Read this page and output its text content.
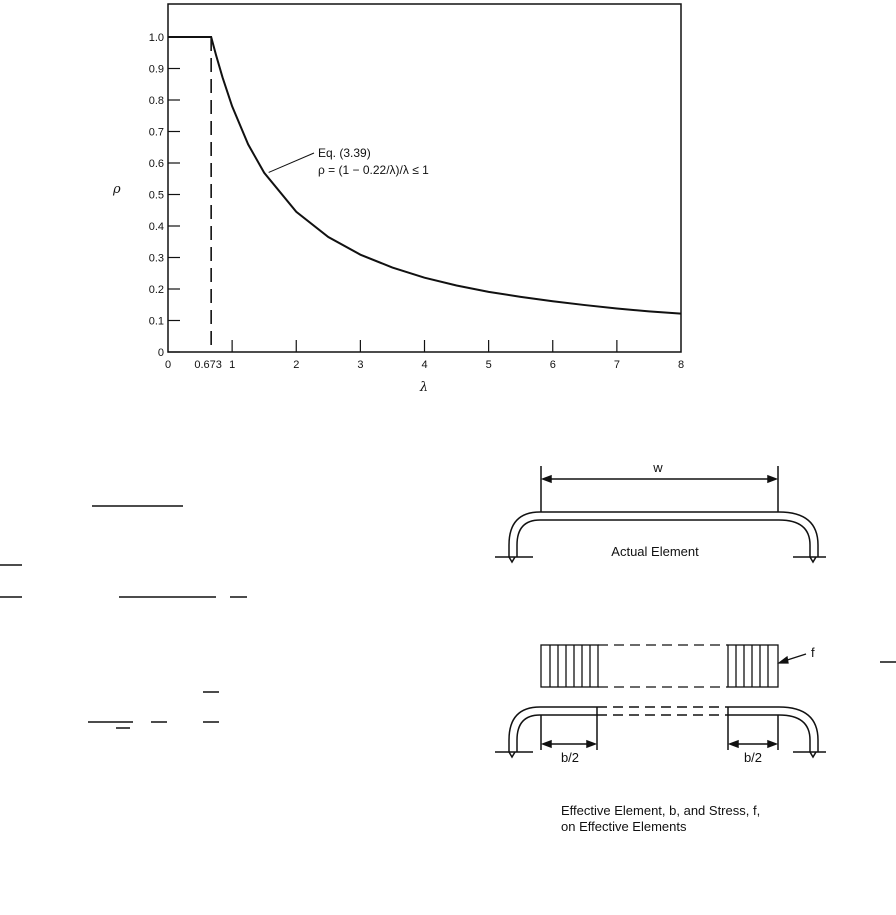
0
0.1
0.2
0.3
0.4
0.5
0.6
0.7
0.8
0.9
1.0
0	1	2	3	4	5	6	7	8
0.673
Eq. (3.39)
ρ = (1 − 0.22/λ)/λ ≤ 1
ρ
λ
w
Actual Element
f
b/2	b/2
Effective Element, b, and Stress, f,
on Effective Elements
